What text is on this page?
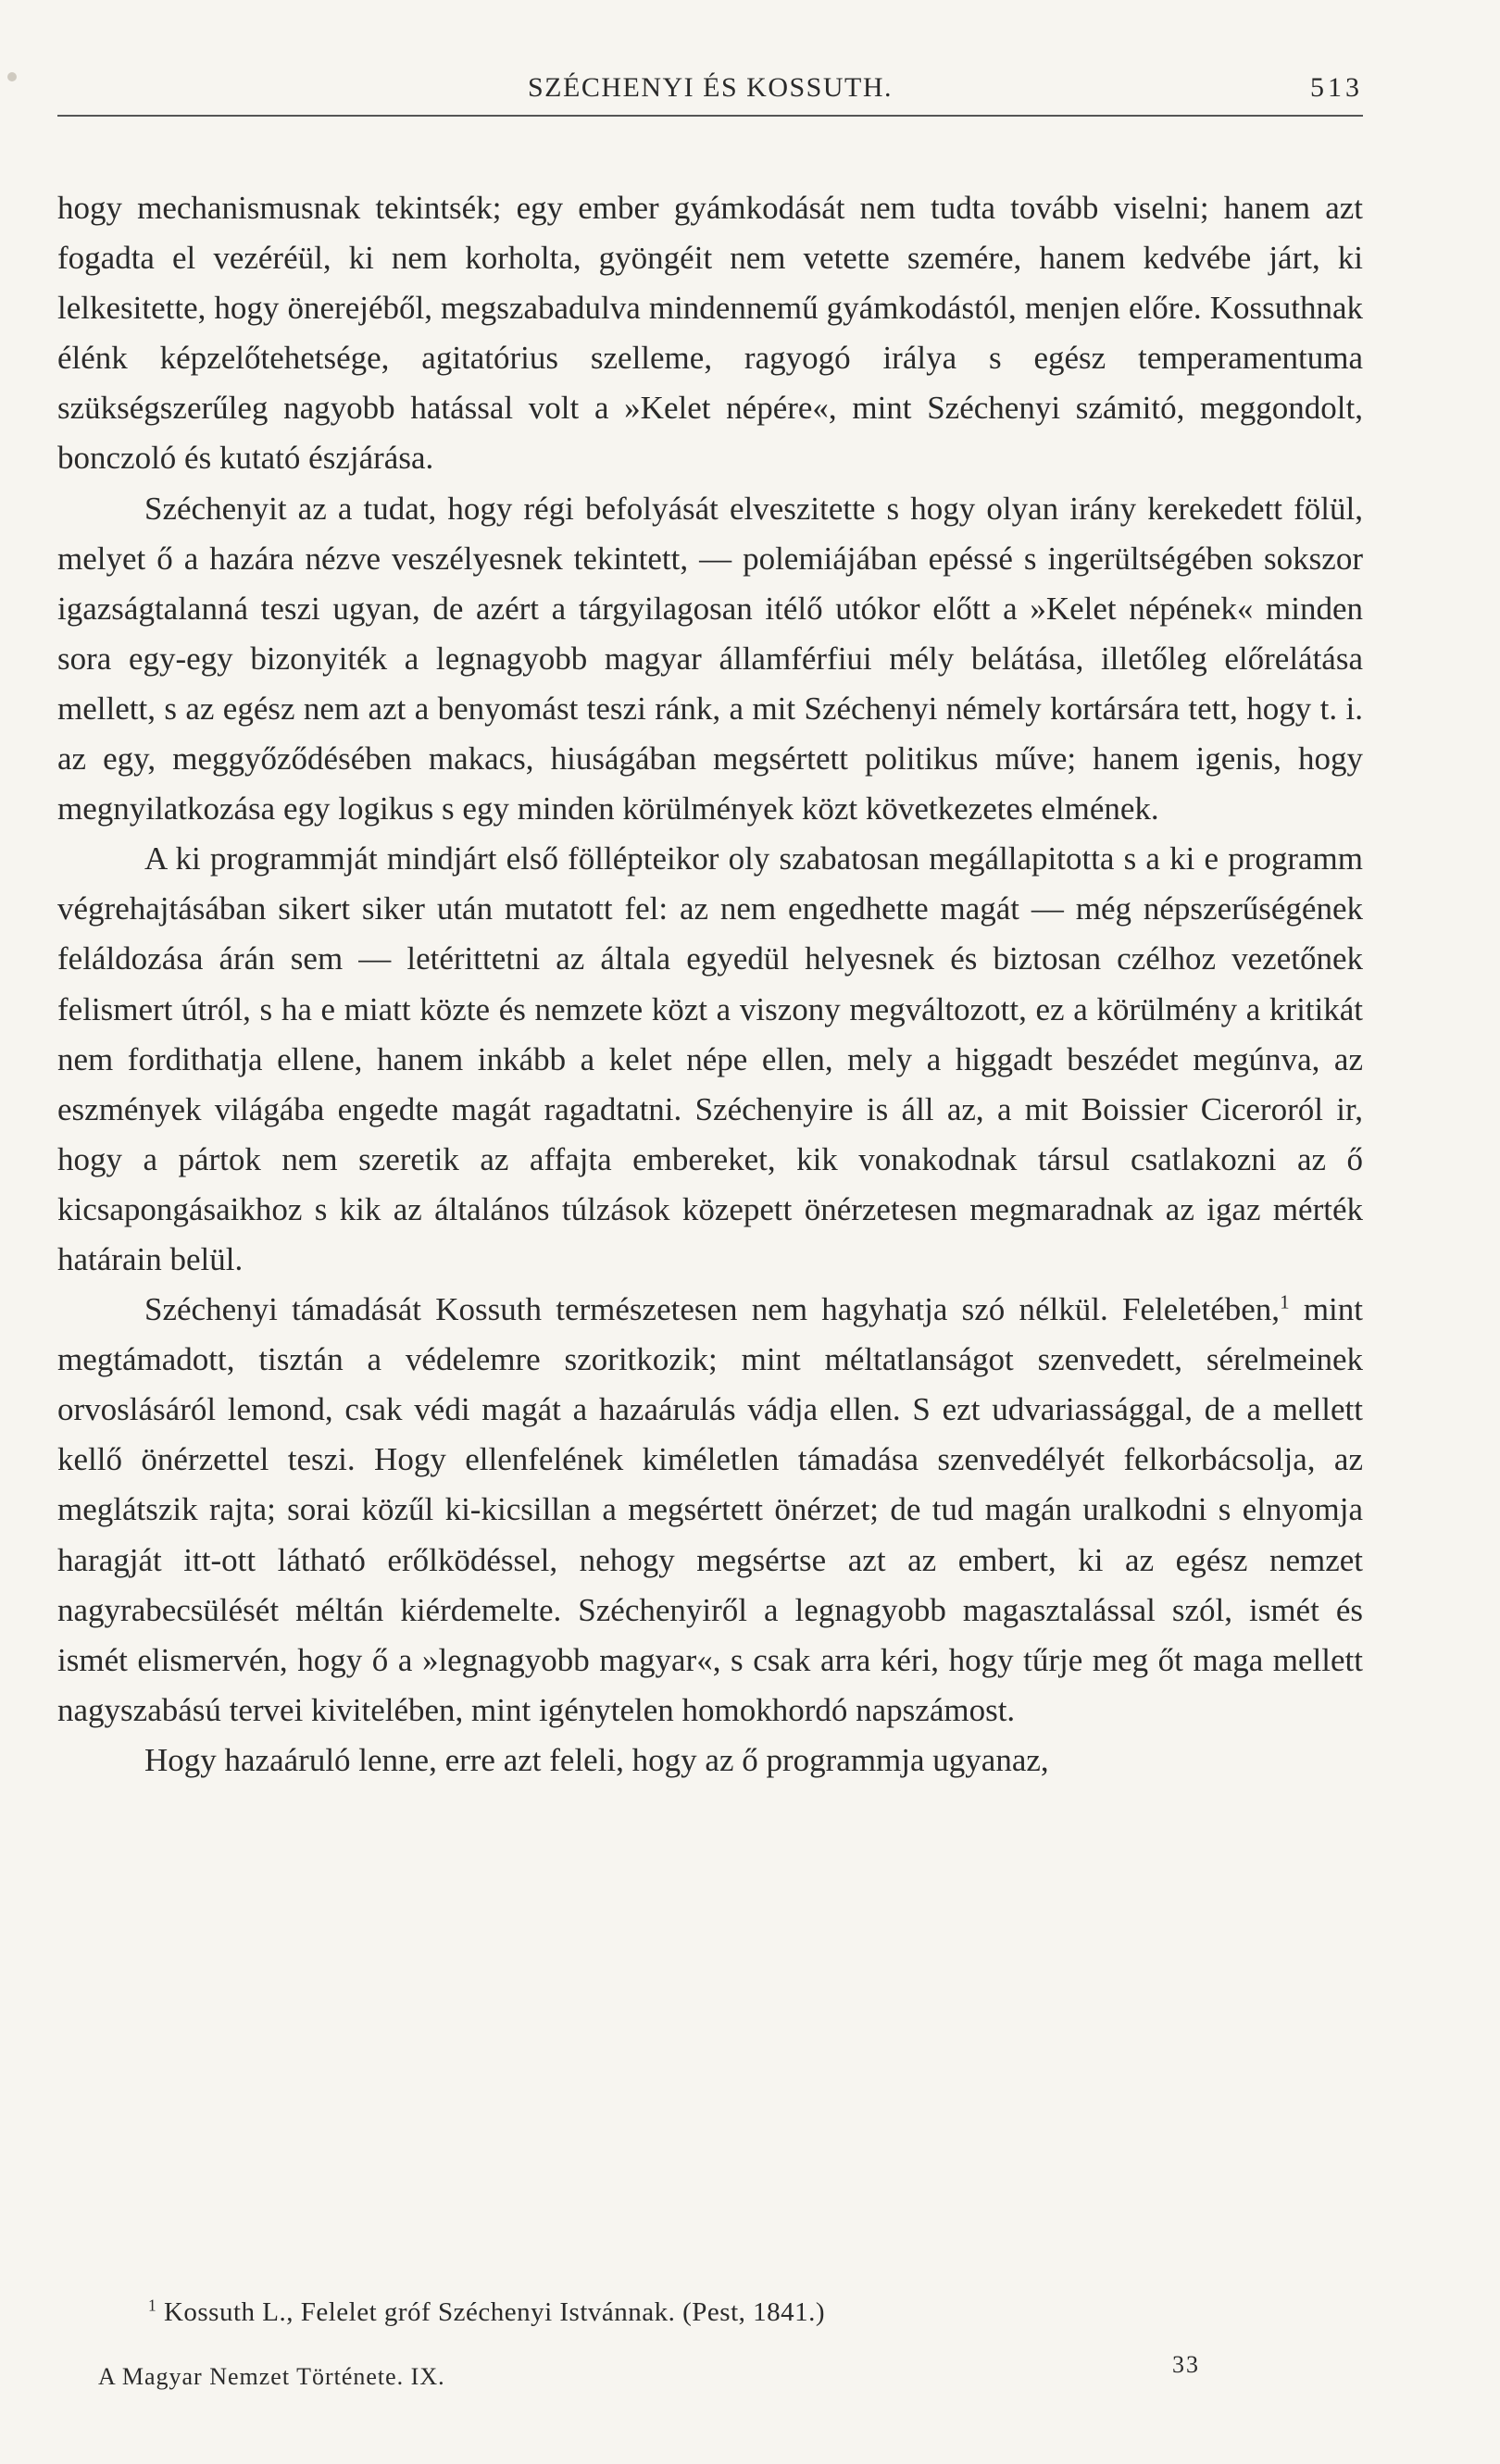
SZÉCHENYI ÉS KOSSUTH.	513

hogy mechanismusnak tekintsék; egy ember gyámkodását nem tudta tovább viselni; hanem azt fogadta el vezéréül, ki nem korholta, gyöngéit nem vetette szemére, hanem kedvébe járt, ki lelkesitette, hogy önerejéből, megszabadulva mindennemű gyámkodástól, menjen előre. Kossuthnak élénk képzelőtehetsége, agitatórius szelleme, ragyogó irálya s egész temperamentuma szükségszerűleg nagyobb hatással volt a »Kelet népére«, mint Széchenyi számitó, meggondolt, bonczoló és kutató észjárása.

Széchenyit az a tudat, hogy régi befolyását elveszitette s hogy olyan irány kerekedett fölül, melyet ő a hazára nézve veszélyesnek tekintett, — polemiájában epéssé s ingerültségében sokszor igazságtalanná teszi ugyan, de azért a tárgyilagosan itélő utókor előtt a »Kelet népének« minden sora egy-egy bizonyiték a legnagyobb magyar államférfiui mély belátása, illetőleg előrelátása mellett, s az egész nem azt a benyomást teszi ránk, a mit Széchenyi némely kortársára tett, hogy t. i. az egy, meggyőződésében makacs, hiuságában megsértett politikus műve; hanem igenis, hogy megnyilatkozása egy logikus s egy minden körülmények közt következetes elmének.

A ki programmját mindjárt első föllépteikor oly szabatosan megállapitotta s a ki e programm végrehajtásában sikert siker után mutatott fel: az nem engedhette magát — még népszerűségének feláldozása árán sem — letérittetni az általa egyedül helyesnek és biztosan czélhoz vezetőnek felismert útról, s ha e miatt közte és nemzete közt a viszony megváltozott, ez a körülmény a kritikát nem fordithatja ellene, hanem inkább a kelet népe ellen, mely a higgadt beszédet megúnva, az eszmények világába engedte magát ragadtatni. Széchenyire is áll az, a mit Boissier Ciceroról ir, hogy a pártok nem szeretik az affajta embereket, kik vonakodnak társul csatlakozni az ő kicsapongásaikhoz s kik az általános túlzások közepett önérzetesen megmaradnak az igaz mérték határain belül.

Széchenyi támadását Kossuth természetesen nem hagyhatja szó nélkül. Feleletében,$^1$ mint megtámadott, tisztán a védelemre szoritkozik; mint méltatlanságot szenvedett, sérelmeinek orvoslásáról lemond, csak védi magát a hazaárulás vádja ellen. S ezt udvariassággal, de a mellett kellő önérzettel teszi. Hogy ellenfelének kiméletlen támadása szenvedélyét felkorbácsolja, az meglátszik rajta; sorai közűl ki-kicsillan a megsértett önérzet; de tud magán uralkodni s elnyomja haragját itt-ott látható erőlködéssel, nehogy megsértse azt az embert, ki az egész nemzet nagyrabecsülését méltán kiérdemelte. Széchenyiről a legnagyobb magasztalással szól, ismét és ismét elismervén, hogy ő a »legnagyobb magyar«, s csak arra kéri, hogy tűrje meg őt maga mellett nagyszabású tervei kivitelében, mint igénytelen homokhordó napszámost.

Hogy hazaáruló lenne, erre azt feleli, hogy az ő programmja ugyanaz,

$^1$ Kossuth L., Felelet gróf Széchenyi Istvánnak. (Pest, 1841.)
A Magyar Nemzet Története. IX.	33
